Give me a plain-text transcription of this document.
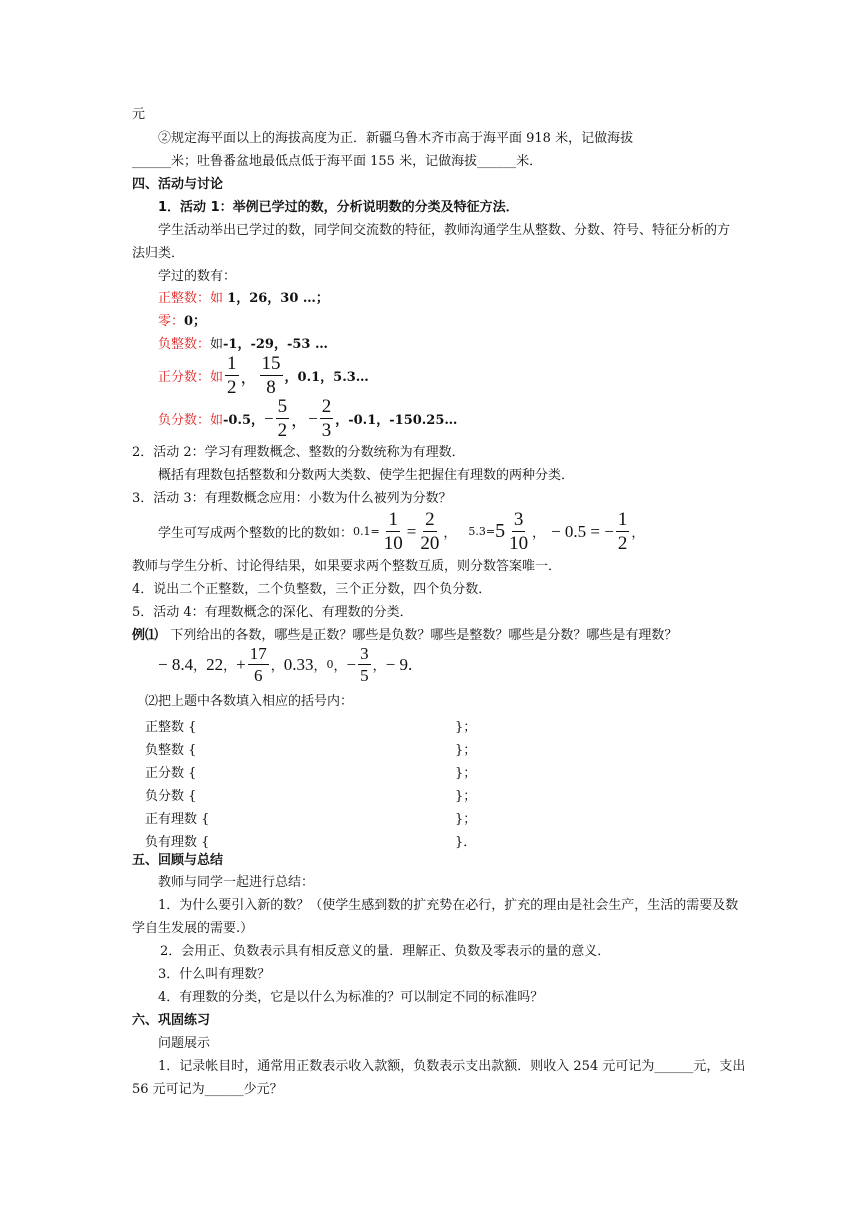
元
②规定海平面以上的海拔高度为正．新疆乌鲁木齐市高于海平面 918 米，记做海拔
______米；吐鲁番盆地最低点低于海平面 155 米，记做海拔______米．
四、活动与讨论
1．活动 1：举例已学过的数，分析说明数的分类及特征方法．
学生活动举出已学过的数，同学间交流数的特征，教师沟通学生从整数、分数、符号、特征分析的方
法归类．
学过的数有：
正整数：如 1，26，30 …；
零：0；
负整数：如-1，-29，-53 …
正分数： 如 $\frac{1}{2}$ ， $\frac{15}{8}$ ，0.1，5.3…
负分数： 如 -0.5， − $\frac{5}{2}$ ， − $\frac{2}{3}$ ，-0.1，-150.25…
2．活动 2：学习有理数概念、整数的分数统称为有理数．
概括有理数包括整数和分数两大类数、使学生把握住有理数的两种分类．
3．活动 3：有理数概念应用：小数为什么被列为分数？
学生可写成两个整数的比的数如： $0.1= \frac{1}{10} = \frac{2}{20}$ ， $5.3= 5 \frac{3}{10}$ ， − 0.5 = − $\frac{1}{2}$ ，
教师与学生分析、讨论得结果，如果要求两个整数互质，则分数答案唯一．
4．说出二个正整数，二个负整数，三个正分数，四个负分数．
5．活动 4：有理数概念的深化、有理数的分类．
例⑴ 下列给出的各数，哪些是正数？哪些是负数？哪些是整数？哪些是分数？哪些是有理数？
− 8.4 ， 22 ， + $\frac{17}{6}$ ， 0.33 ， 0 ， − $\frac{3}{5}$ ， − 9 .
⑵把上题中各数填入相应的括号内：
正整数 {	}；
负整数 {	}；
正分数 {	}；
负分数 {	}；
正有理数 {	}；
负有理数 {	}．
五、回顾与总结
教师与同学一起进行总结：
1．为什么要引入新的数？（使学生感到数的扩充势在必行，扩充的理由是社会生产，生活的需要及数
学自生发展的需要.）
2．会用正、负数表示具有相反意义的量．理解正、负数及零表示的量的意义．
3．什么叫有理数？
4．有理数的分类，它是以什么为标准的？可以制定不同的标准吗？
六、巩固练习
问题展示
1．记录帐目时，通常用正数表示收入款额，负数表示支出款额．则收入 254 元可记为______元，支出
56 元可记为______少元？
